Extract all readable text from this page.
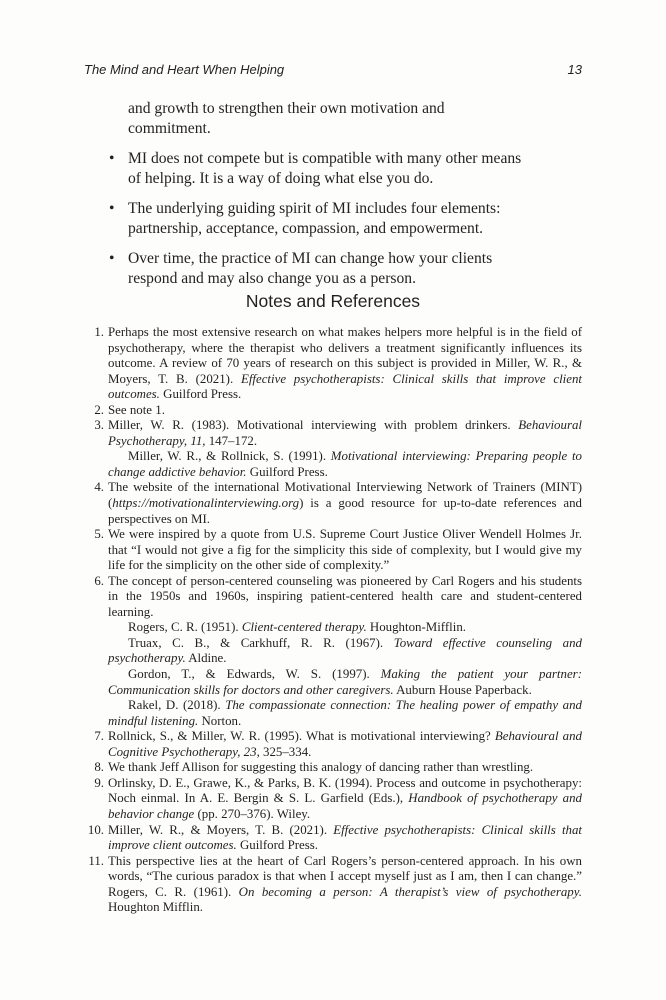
The Mind and Heart When Helping	13
and growth to strengthen their own motivation and commitment.
• MI does not compete but is compatible with many other means of helping. It is a way of doing what else you do.
• The underlying guiding spirit of MI includes four elements: partnership, acceptance, compassion, and empowerment.
• Over time, the practice of MI can change how your clients respond and may also change you as a person.
Notes and References
1. Perhaps the most extensive research on what makes helpers more helpful is in the field of psychotherapy, where the therapist who delivers a treatment significantly influences its outcome. A review of 70 years of research on this subject is provided in Miller, W. R., & Moyers, T. B. (2021). Effective psychotherapists: Clinical skills that improve client outcomes. Guilford Press.
2. See note 1.
3. Miller, W. R. (1983). Motivational interviewing with problem drinkers. Behavioural Psychotherapy, 11, 147–172.
Miller, W. R., & Rollnick, S. (1991). Motivational interviewing: Preparing people to change addictive behavior. Guilford Press.
4. The website of the international Motivational Interviewing Network of Trainers (MINT) (https://motivationalinterviewing.org) is a good resource for up-to-date references and perspectives on MI.
5. We were inspired by a quote from U.S. Supreme Court Justice Oliver Wendell Holmes Jr. that “I would not give a fig for the simplicity this side of complexity, but I would give my life for the simplicity on the other side of complexity.”
6. The concept of person-centered counseling was pioneered by Carl Rogers and his students in the 1950s and 1960s, inspiring patient-centered health care and student-centered learning.
Rogers, C. R. (1951). Client-centered therapy. Houghton-Mifflin.
Truax, C. B., & Carkhuff, R. R. (1967). Toward effective counseling and psychotherapy. Aldine.
Gordon, T., & Edwards, W. S. (1997). Making the patient your partner: Communication skills for doctors and other caregivers. Auburn House Paperback.
Rakel, D. (2018). The compassionate connection: The healing power of empathy and mindful listening. Norton.
7. Rollnick, S., & Miller, W. R. (1995). What is motivational interviewing? Behavioural and Cognitive Psychotherapy, 23, 325–334.
8. We thank Jeff Allison for suggesting this analogy of dancing rather than wrestling.
9. Orlinsky, D. E., Grawe, K., & Parks, B. K. (1994). Process and outcome in psychotherapy: Noch einmal. In A. E. Bergin & S. L. Garfield (Eds.), Handbook of psychotherapy and behavior change (pp. 270–376). Wiley.
10. Miller, W. R., & Moyers, T. B. (2021). Effective psychotherapists: Clinical skills that improve client outcomes. Guilford Press.
11. This perspective lies at the heart of Carl Rogers’s person-centered approach. In his own words, “The curious paradox is that when I accept myself just as I am, then I can change.” Rogers, C. R. (1961). On becoming a person: A therapist’s view of psychotherapy. Houghton Mifflin.
